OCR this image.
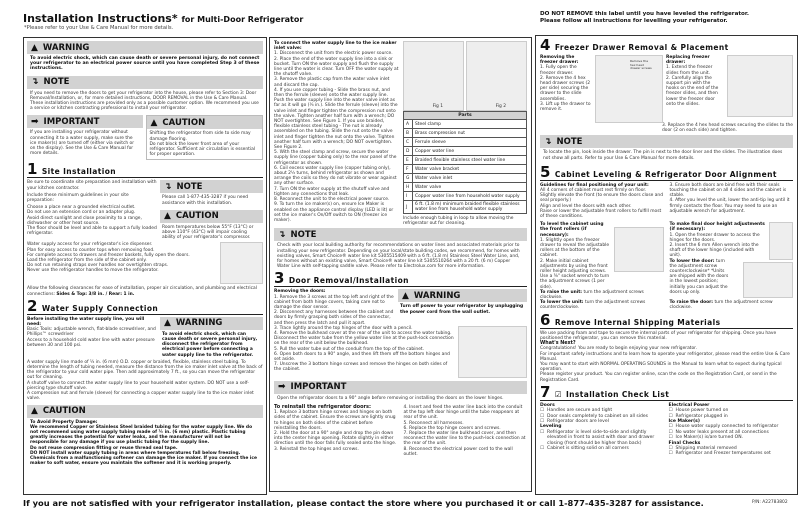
Installation Instructions* for Multi-Door Refrigerator
*Please refer to your Use & Care Manual for more details.
DO NOT REMOVE this label until you have leveled the refrigerator.
Please follow all instructions for levelling your refrigerator.
▲ WARNING
To avoid electric shock, which can cause death or severe personal injury, do not connect your refrigerator to an electrical power source until you have completed Step 3 of these instructions.
↴ NOTE
If you need to remove the doors to get your refrigerator into the house, please refer to Section 3: Door Removal/Installation, or, for more detailed instructions, DOOR REMOVAL in the Use & Care Manual. These installation instructions are provided only as a possible customer option. We recommend you use a service or kitchen contracting professional to install your refrigerator.
➡ IMPORTANT
If you are installing your refrigerator without connecting it to a water supply, make sure the ice maker(s) are turned off (either via switch or on the display). See the Use & Care Manual for more details.
▲ CAUTION
Shifting the refrigerator from side to side may damage flooring.
Do not block the lower front area of your refrigerator. Sufficient air circulation is essential for proper operation.
1 Site Installation

Be sure to coordinate site preparation and installation with your kitchen contractor.

Include these minimum guidelines in your site preparation:

Choose a place near a grounded electrical outlet.
Do not use an extension cord or an adapter plug.
Avoid direct sunlight and close proximity to a range, dishwasher or other heat source.
The floor should be level and able to support a fully loaded refrigerator.
↴ NOTE
Please call 1-877-435-3287 if you need assistance with this installation.
▲ CAUTION
Room temperatures below 55°F (13°C) or above 110°F (43°C) will impair cooling ability of your refrigerator's compressor.
Water supply access for your refrigerator's ice dispenser.
Plan for easy access to counter tops when removing food.
For complete access to drawers and freezer baskets, fully open the doors.
Load the refrigerator from the side of the cabinet only.
Do not run retaining straps over handles nor overtighten straps.
Never use the refrigerator handles to move the refrigerator.

Allow the following clearances for ease of installation, proper air circulation, and plumbing and electrical connections: Sides & Top: 3/8 in. / Rear: 1 in.

2 Water Supply Connection

Before installing the water supply line, you will need:

Basic Tools: adjustable wrench, flat-blade screwdriver, and Phillips™ screwdriver
Access to a household cold water line with water pressure between 30 and 100 psi.
▲ WARNING
To avoid electric shock, which can cause death or severe personal injury, disconnect the refrigerator from electrical power before connecting a water supply line to the refrigerator.
A water supply line made of ¼ in. (6 mm) O.D. copper or braided, flexible, stainless steel tubing. To determine the length of tubing needed, measure the distance from the ice maker inlet valve at the back of the refrigerator to your cold water pipe. Then add approximately 7 ft., so you can move the refrigerator out for cleaning.
A shutoff valve to connect the water supply line to your household water system. DO NOT use a self-piercing type shutoff valve.
A compression nut and ferrule (sleeve) for connecting a copper water supply line to the ice maker inlet valve.
▲ CAUTION

To Avoid Property Damage:

We recommend Copper or Stainless Steel braided tubing for the water supply line. We do not recommend using water supply tubing made of ¼ in. (6 mm) plastic. Plastic tubing greatly increases the potential for water leaks, and the manufacturer will not be responsible for any damage if you use plastic tubing for the supply line.
Do not reuse compression fitting or reuse thread seal tape.
DO NOT install water supply tubing in areas where temperatures fall below freezing.
Chemicals from a malfunctioning softener can damage the ice maker. If you connect the ice maker to soft water, ensure you maintain the softener and it is working properly.

To connect the water supply line to the ice maker inlet valve:

1. Disconnect the unit from the electric power source.

2. Place the end of the water supply line into a sink or bucket. Turn ON the water supply and flush the supply line until the water is clear. Turn OFF the water supply at the shutoff valve.

3. Remove the plastic cap from the water valve inlet and discard the cap.

4. If you use copper tubing - Slide the brass nut, and then the ferrule (sleeve) onto the water supply line. Push the water supply line into the water valve inlet as far as it will go (¼ in.). Slide the ferrule (sleeve) into the valve inlet and finger tighten the compression nut onto the valve. Tighten another half turn with a wrench; DO NOT overtighten. See Figure 1. If you use braided, flexible stainless steel tubing - The nut is already assembled on the tubing. Slide the nut onto the valve inlet and finger tighten the nut onto the valve. Tighten another half turn with a wrench; DO NOT overtighten. See Figure 2.

5. With the steel clamp and screw, secure the water supply line (copper tubing only) to the rear panel of the refrigerator as shown.

6. Coil excess water supply line (copper tubing only), about 2½ turns, behind refrigerator as shown and arrange the coils so they do not vibrate or wear against any other surface.

7. Turn ON the water supply at the shutoff valve and tighten any connections that leak.

8. Reconnect the unit to the electrical power source.

9. To turn the ice maker(s) on, ensure Ice Maker is enabled on the appliance control display (LED is lit) or set the ice maker's On/Off switch to ON (freezer ice maker).

Fig 1	Fig 2
Parts	
A	Steel clamp
B	Brass compression nut
C	Ferrule sleeve
D	Copper water line
E	Braided flexible stainless steel water line
F	Water valve bracket
G	Water valve inlet
H	Water valve
I	Copper water line from household water supply
J	6 ft. (1.8 m) minimum braided flexible stainless water line from household water supply

Include enough tubing in loop to allow moving the refrigerator out for cleaning.

↴ NOTE
Check with your local building authority for recommendations on water lines and associated materials prior to installing your new refrigerator. Depending on your local/state building codes, we recommend, for homes with existing valves, Smart Choice® water line kit 5305515409 with a 6 ft. (1.8 m) Stainless Steel Water Line, and, for homes without an existing valve, Smart Choice® water line kit 5305510264 with a 20 ft. (6 m) Copper Water Line with self-tapping saddle valve. Please refer to Electrolux.com for more information.
3 Door Removal/Installation

Removing the doors:

1. Remove the 3 screws at the top left and right of the cabinet from both hinge covers, taking care not to damage the door sensor.

2. Disconnect any harnesses between the cabinet and doors by firmly grasping both sides of the connector, and then press the latch and pull it apart.

▲ WARNING
Turn off power to your refrigerator by unplugging the power cord from the wall outlet.

3. Trace lightly around the top hinges of the door with a pencil.

4. Remove the bulkhead cover at the rear of the unit to access the water tubing. Disconnect the water tube from the yellow water line at the push-lock connection on the rear of the unit below the bulkhead.

5. Pull the water tube out of the conduit from the top of the cabinet.

6. Open both doors to a 90° angle, and then lift them off the bottom hinges and set aside.

7. Unscrew the 3 bottom hinge screws and remove the hinges on both sides of the cabinet.

➡ IMPORTANT
Open the refrigerator doors to a 90° angle before removing or installing the doors on the lower hinges.

To reinstall the refrigerator doors:

1. Replace 3 bottom hinge screws and hinges on both sides of the cabinet. Ensure the screws are lightly snug to hinges on both sides of the cabinet before reinstalling the doors.

2. Hold the door at a 90° angle and drop the pin down into the center hinge opening. Rotate slightly in either direction until the door falls fully sealed onto the hinge.

3. Reinstall the top hinges and screws.

4. Insert and feed the water line back into the conduit at the top left door hinge until the tube reappears at rear of the unit.

5. Reconnect all harnesses.

6. Replace the top hinge covers and screws.

7. Replace the water line bulkhead cover, and then reconnect the water line to the push-lock connection at the rear of the unit.

8. Reconnect the electrical power cord to the wall outlet.

4 Freezer Drawer Removal & Placement

Removing the freezer drawer:

1. Fully open the freezer drawer.

2. Remove the 4 hex head drawer screws (2 per side) securing the drawer to the slide assemblies.

3. Lift up the drawer to remove it.

Remove the hex head drawer screws

Replacing freezer drawer:

1. Extend the freezer slides from the unit.

2. Carefully align the support pin with the hooks on the end of the freezer slides, and then lower the freezer door onto the slides.

3. Replace the 4 hex head screws securing the slides to the door (2 on each side) and tighten.

↴ NOTE
To locate the pin, look inside the drawer. The pin is next to the door liner and the slides. The illustration does not show all parts. Refer to your Use & Care Manual for more details.
5 Cabinet Leveling & Refrigerator Door Alignment

Guidelines for final positioning of your unit:

All 4 corners of cabinet must rest firmly on floor.
Slightly elevate the front (to ensure the doors close and seal properly.)
Align and level the doors with each other.

Raise or lower the adjustable front rollers to fulfill most of these conditions.

3. Ensure both doors are bind free with their seals touching the cabinet on all 4 sides and the cabinet is stable.

4. After you level the unit, lower the anti-tip leg until it firmly contacts the floor. You may need to use an adjustable wrench for adjustment.

To level the cabinet using the front rollers (if necessary):

1. Slightly open the freezer drawer to reveal the adjustable rollers at the bottom of the cabinet.

2. Make initial cabinet adjustments by using the front roller height adjusting screws. Use a ⅜" socket wrench to turn the adjustment screws (1 per side).

To raise the unit: turn the adjustment screws clockwise.

To lower the unit: turn the adjustment screws counterclockwise.

To make final door height adjustments (if necessary):

1. Open the freezer drawer to access the hinges for the doors.

2. Insert the 6 mm Allen wrench into the shaft of the lower hinge (included with unit).

To lower the door: turn the adjustment screw counterclockwise* *Units are shipped with the doors in the lowest position; initially you can adjust the doors up only.

To raise the door: turn the adjustment screw clockwise.

6 Remove Internal Shipping Materials

We use packing foam and tape to secure the internal parts of your refrigerator for shipping. Once you have positioned the refrigerator, you can remove this material.

What's Next?

Congratulations! You are ready to begin enjoying your new refrigerator.

For important safety instructions and to learn how to operate your refrigerator, please read the entire Use & Care Manual.
You may want to start with NORMAL OPERATING SOUNDS in the Manual to learn what to expect during typical operation.
Please register your product. You can register online, scan the code on the Registration Card, or send in the Registration Card.
7 ☑ Installation Check List

Doors

☐ Handles are secure and tight
☐ Door seals completely to cabinet on all sides
☐ Refrigerator doors are level

Leveling

☐ Refrigerator is level side-to-side and slightly elevated in front to assist with door and drawer closing (front should be higher than back)
☐ Cabinet is sitting solid on all corners

Electrical Power

☐ House power turned on
☐ Refrigerator plugged in

Ice Maker(s)

☐ House water supply connected to refrigerator
☐ No water leaks present at all connections
☐ Ice Maker(s) is/are turned ON.

Final Checks

☐ Shipping material removed
☐ Refrigerator and Freezer temperatures set
If you are not satisfied with your refrigerator installation, please contact the store where you purchased it or call 1-877-435-3287 for assistance.	P/N: A22783802
